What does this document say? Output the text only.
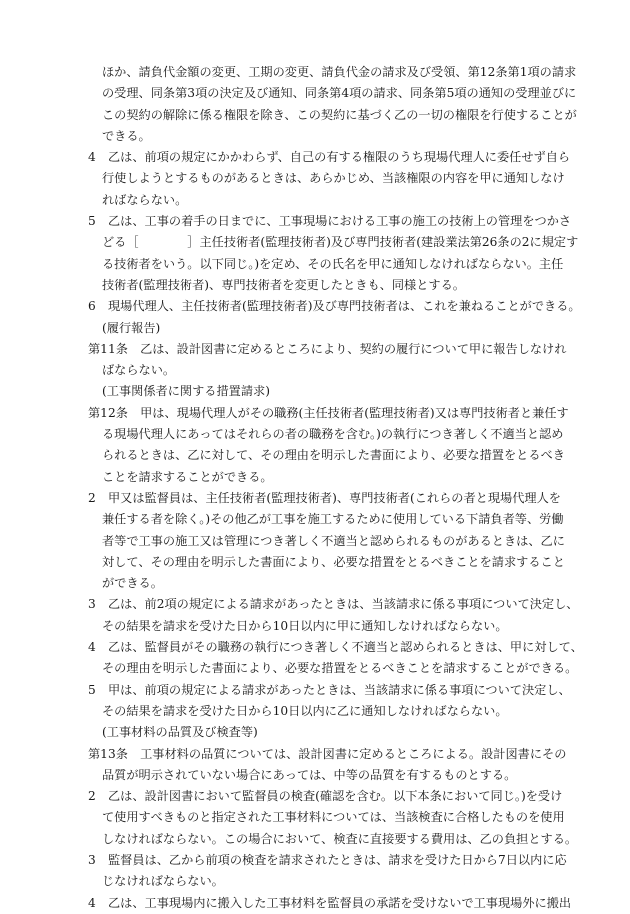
ほか、請負代金額の変更、工期の変更、請負代金の請求及び受領、第12条第1項の請求
の受理、同条第3項の決定及び通知、同条第4項の請求、同条第5項の通知の受理並びに
この契約の解除に係る権限を除き、この契約に基づく乙の一切の権限を行使することが
できる。
4　乙は、前項の規定にかかわらず、自己の有する権限のうち現場代理人に委任せず自ら
行使しようとするものがあるときは、あらかじめ、当該権限の内容を甲に通知しなけ
ればならない。
5　乙は、工事の着手の日までに、工事現場における工事の施工の技術上の管理をつかさ
どる［　　　　］主任技術者(監理技術者)及び専門技術者(建設業法第26条の2に規定す
る技術者をいう。以下同じ。)を定め、その氏名を甲に通知しなければならない。主任
技術者(監理技術者)、専門技術者を変更したときも、同様とする。
6　現場代理人、主任技術者(監理技術者)及び専門技術者は、これを兼ねることができる。
(履行報告)
第11条　乙は、設計図書に定めるところにより、契約の履行について甲に報告しなけれ
ばならない。
(工事関係者に関する措置請求)
第12条　甲は、現場代理人がその職務(主任技術者(監理技術者)又は専門技術者と兼任す
る現場代理人にあってはそれらの者の職務を含む。)の執行につき著しく不適当と認め
られるときは、乙に対して、その理由を明示した書面により、必要な措置をとるべき
ことを請求することができる。
2　甲又は監督員は、主任技術者(監理技術者)、専門技術者(これらの者と現場代理人を
兼任する者を除く。)その他乙が工事を施工するために使用している下請負者等、労働
者等で工事の施工又は管理につき著しく不適当と認められるものがあるときは、乙に
対して、その理由を明示した書面により、必要な措置をとるべきことを請求すること
ができる。
3　乙は、前2項の規定による請求があったときは、当該請求に係る事項について決定し、
その結果を請求を受けた日から10日以内に甲に通知しなければならない。
4　乙は、監督員がその職務の執行につき著しく不適当と認められるときは、甲に対して、
その理由を明示した書面により、必要な措置をとるべきことを請求することができる。
5　甲は、前項の規定による請求があったときは、当該請求に係る事項について決定し、
その結果を請求を受けた日から10日以内に乙に通知しなければならない。
(工事材料の品質及び検査等)
第13条　工事材料の品質については、設計図書に定めるところによる。設計図書にその
品質が明示されていない場合にあっては、中等の品質を有するものとする。
2　乙は、設計図書において監督員の検査(確認を含む。以下本条において同じ。)を受け
て使用すべきものと指定された工事材料については、当該検査に合格したものを使用
しなければならない。この場合において、検査に直接要する費用は、乙の負担とする。
3　監督員は、乙から前項の検査を請求されたときは、請求を受けた日から7日以内に応
じなければならない。
4　乙は、工事現場内に搬入した工事材料を監督員の承諾を受けないで工事現場外に搬出
